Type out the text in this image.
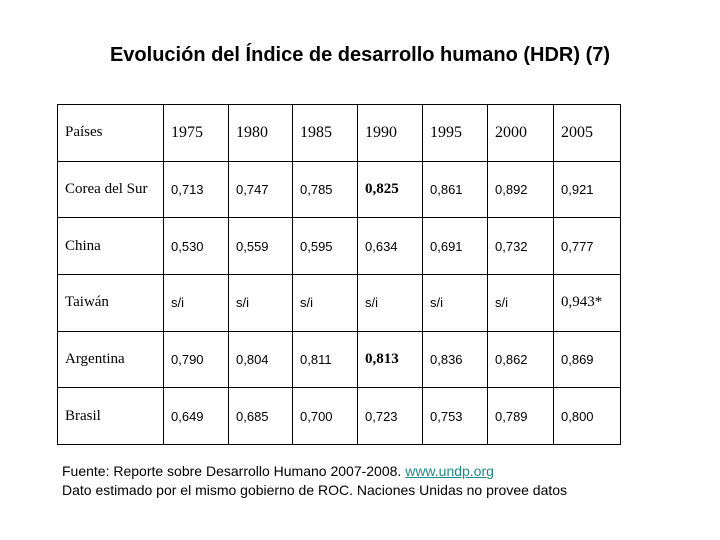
Evolución del Índice de desarrollo humano (HDR) (7)
Países	1975	1980	1985	1990	1995	2000	2005
Corea del Sur	0,713	0,747	0,785	0,825	0,861	0,892	0,921
China	0,530	0,559	0,595	0,634	0,691	0,732	0,777
Taiwán	s/i	s/i	s/i	s/i	s/i	s/i	0,943*
Argentina	0,790	0,804	0,811	0,813	0,836	0,862	0,869
Brasil	0,649	0,685	0,700	0,723	0,753	0,789	0,800
Fuente: Reporte sobre Desarrollo Humano 2007-2008. www.undp.org
Dato estimado por el mismo gobierno de ROC. Naciones Unidas no provee datos
